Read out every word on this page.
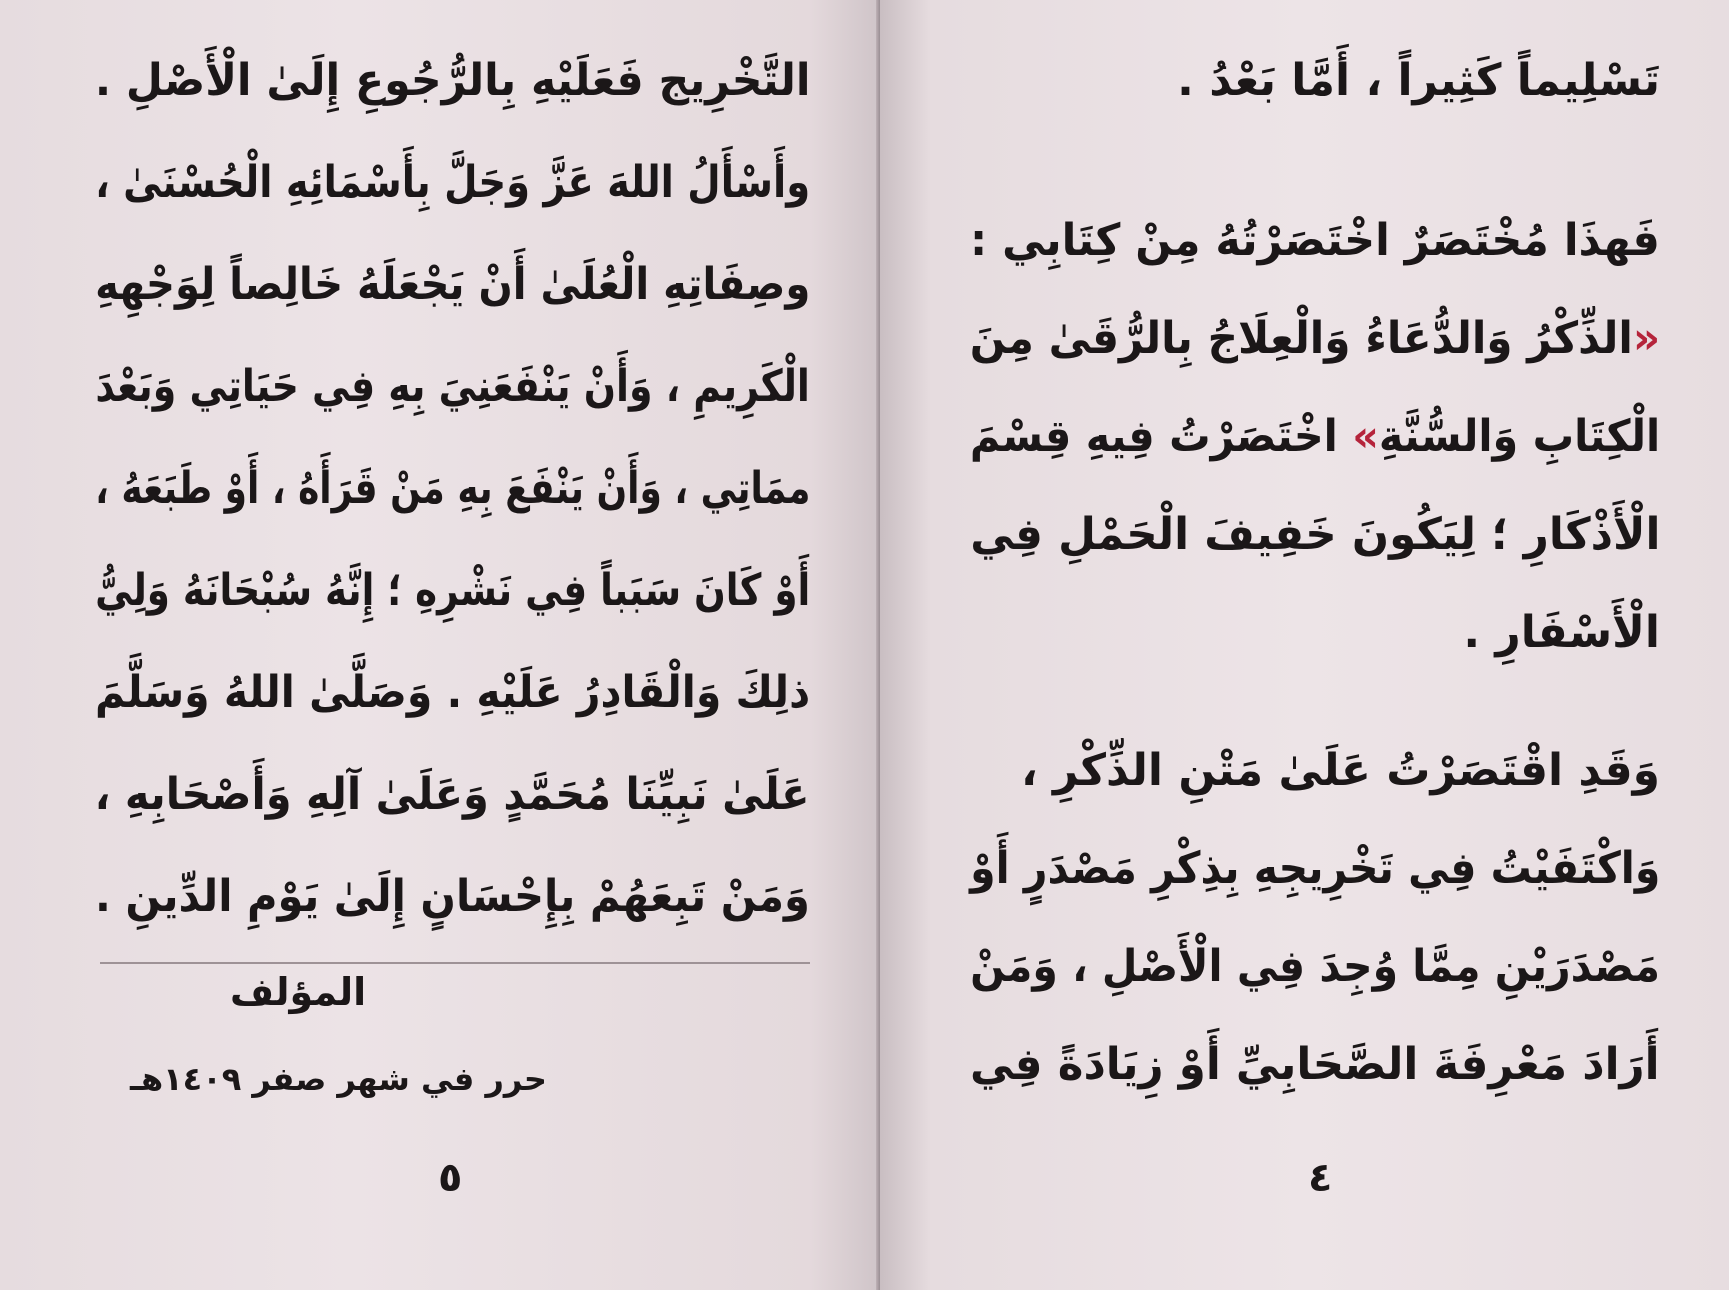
التَّخْرِيج فَعَلَيْهِ بِالرُّجُوعِ إِلَىٰ الْأَصْلِ .
وأَسْأَلُ اللهَ عَزَّ وَجَلَّ بِأَسْمَائِهِ الْحُسْنَىٰ ،
وصِفَاتِهِ الْعُلَىٰ أَنْ يَجْعَلَهُ خَالِصاً لِوَجْهِهِ
الْكَرِيمِ ، وَأَنْ يَنْفَعَنِيَ بِهِ فِي حَيَاتِي وَبَعْدَ
ممَاتِي ، وَأَنْ يَنْفَعَ بِهِ مَنْ قَرَأَهُ ، أَوْ طَبَعَهُ ،
أَوْ كَانَ سَبَباً فِي نَشْرِهِ ؛ إِنَّهُ سُبْحَانَهُ وَلِيُّ
ذلِكَ وَالْقَادِرُ عَلَيْهِ . وَصَلَّىٰ اللهُ وَسَلَّمَ
عَلَىٰ نَبِيِّنَا مُحَمَّدٍ وَعَلَىٰ آلِهِ وَأَصْحَابِهِ ،
وَمَنْ تَبِعَهُمْ بِإِحْسَانٍ إِلَىٰ يَوْمِ الدِّينِ .
المؤلف
حرر في شهر صفر ١٤٠٩هـ
٥	٤
تَسْلِيماً كَثِيراً ، أَمَّا بَعْدُ .
فَهذَا مُخْتَصَرٌ اخْتَصَرْتُهُ مِنْ كِتَابِي :
«الذِّكْرُ وَالدُّعَاءُ وَالْعِلَاجُ بِالرُّقَىٰ مِنَ
الْكِتَابِ وَالسُّنَّةِ» اخْتَصَرْتُ فِيهِ قِسْمَ
الْأَذْكَارِ ؛ لِيَكُونَ خَفِيفَ الْحَمْلِ فِي
الْأَسْفَارِ .
وَقَدِ اقْتَصَرْتُ عَلَىٰ مَتْنِ الذِّكْرِ ،
وَاكْتَفَيْتُ فِي تَخْرِيجِهِ بِذِكْرِ مَصْدَرٍ أَوْ
مَصْدَرَيْنِ مِمَّا وُجِدَ فِي الْأَصْلِ ، وَمَنْ
أَرَادَ مَعْرِفَةَ الصَّحَابِيِّ أَوْ زِيَادَةً فِي
